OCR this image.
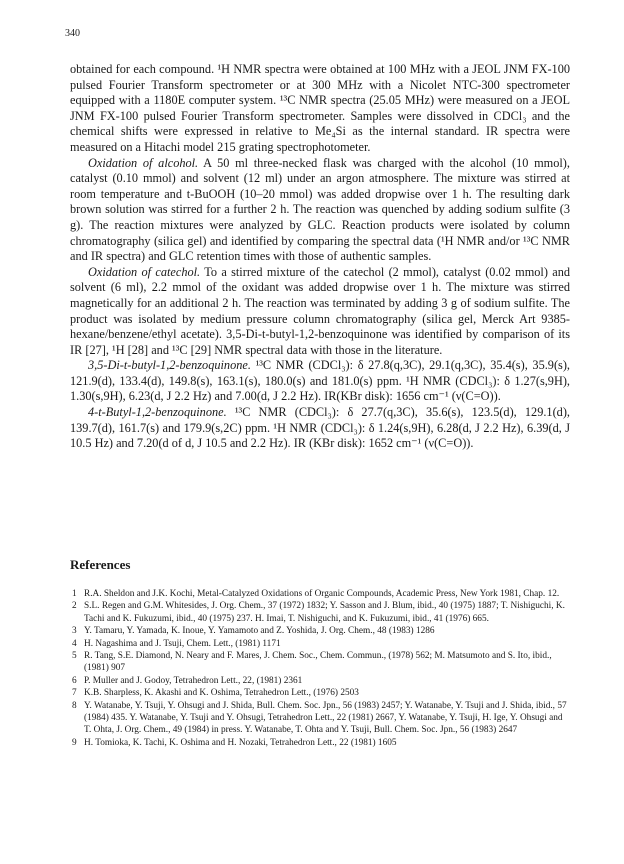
340

obtained for each compound. ¹H NMR spectra were obtained at 100 MHz with a JEOL JNM FX-100 pulsed Fourier Transform spectrometer or at 300 MHz with a Nicolet NTC-300 spectrometer equipped with a 1180E computer system. ¹³C NMR spectra (25.05 MHz) were measured on a JEOL JNM FX-100 pulsed Fourier Transform spectrometer. Samples were dissolved in CDCl₃ and the chemical shifts were expressed in relative to Me₄Si as the internal standard. IR spectra were measured on a Hitachi model 215 grating spectrophotometer.

Oxidation of alcohol. A 50 ml three-necked flask was charged with the alcohol (10 mmol), catalyst (0.10 mmol) and solvent (12 ml) under an argon atmosphere. The mixture was stirred at room temperature and t-BuOOH (10–20 mmol) was added dropwise over 1 h. The resulting dark brown solution was stirred for a further 2 h. The reaction was quenched by adding sodium sulfite (3 g). The reaction mixtures were analyzed by GLC. Reaction products were isolated by column chromatography (silica gel) and identified by comparing the spectral data (¹H NMR and/or ¹³C NMR and IR spectra) and GLC retention times with those of authentic samples.

Oxidation of catechol. To a stirred mixture of the catechol (2 mmol), catalyst (0.02 mmol) and solvent (6 ml), 2.2 mmol of the oxidant was added dropwise over 1 h. The mixture was stirred magnetically for an additional 2 h. The reaction was terminated by adding 3 g of sodium sulfite. The product was isolated by medium pressure column chromatography (silica gel, Merck Art 9385-hexane/benzene/ethyl acetate). 3,5-Di-t-butyl-1,2-benzoquinone was identified by comparison of its IR [27], ¹H [28] and ¹³C [29] NMR spectral data with those in the literature.

3,5-Di-t-butyl-1,2-benzoquinone. ¹³C NMR (CDCl₃): δ 27.8(q,3C), 29.1(q,3C), 35.4(s), 35.9(s), 121.9(d), 133.4(d), 149.8(s), 163.1(s), 180.0(s) and 181.0(s) ppm. ¹H NMR (CDCl₃): δ 1.27(s,9H), 1.30(s,9H), 6.23(d, J 2.2 Hz) and 7.00(d, J 2.2 Hz). IR(KBr disk): 1656 cm⁻¹ (ν(C=O)).

4-t-Butyl-1,2-benzoquinone. ¹³C NMR (CDCl₃): δ 27.7(q,3C), 35.6(s), 123.5(d), 129.1(d), 139.7(d), 161.7(s) and 179.9(s,2C) ppm. ¹H NMR (CDCl₃): δ 1.24(s,9H), 6.28(d, J 2.2 Hz), 6.39(d, J 10.5 Hz) and 7.20(d of d, J 10.5 and 2.2 Hz). IR (KBr disk): 1652 cm⁻¹ (ν(C=O)).

References
1 R.A. Sheldon and J.K. Kochi, Metal-Catalyzed Oxidations of Organic Compounds, Academic Press, New York 1981, Chap. 12.
2 S.L. Regen and G.M. Whitesides, J. Org. Chem., 37 (1972) 1832; Y. Sasson and J. Blum, ibid., 40 (1975) 1887; T. Nishiguchi, K. Tachi and K. Fukuzumi, ibid., 40 (1975) 237. H. Imai, T. Nishiguchi, and K. Fukuzumi, ibid., 41 (1976) 665.
3 Y. Tamaru, Y. Yamada, K. Inoue, Y. Yamamoto and Z. Yoshida, J. Org. Chem., 48 (1983) 1286
4 H. Nagashima and J. Tsuji, Chem. Lett., (1981) 1171
5 R. Tang, S.E. Diamond, N. Neary and F. Mares, J. Chem. Soc., Chem. Commun., (1978) 562; M. Matsumoto and S. Ito, ibid., (1981) 907
6 P. Muller and J. Godoy, Tetrahedron Lett., 22, (1981) 2361
7 K.B. Sharpless, K. Akashi and K. Oshima, Tetrahedron Lett., (1976) 2503
8 Y. Watanabe, Y. Tsuji, Y. Ohsugi and J. Shida, Bull. Chem. Soc. Jpn., 56 (1983) 2457; Y. Watanabe, Y. Tsuji and J. Shida, ibid., 57 (1984) 435. Y. Watanabe, Y. Tsuji and Y. Ohsugi, Tetrahedron Lett., 22 (1981) 2667, Y. Watanabe, Y. Tsuji, H. Ige, Y. Ohsugi and T. Ohta, J. Org. Chem., 49 (1984) in press. Y. Watanabe, T. Ohta and Y. Tsuji, Bull. Chem. Soc. Jpn., 56 (1983) 2647
9 H. Tomioka, K. Tachi, K. Oshima and H. Nozaki, Tetrahedron Lett., 22 (1981) 1605
